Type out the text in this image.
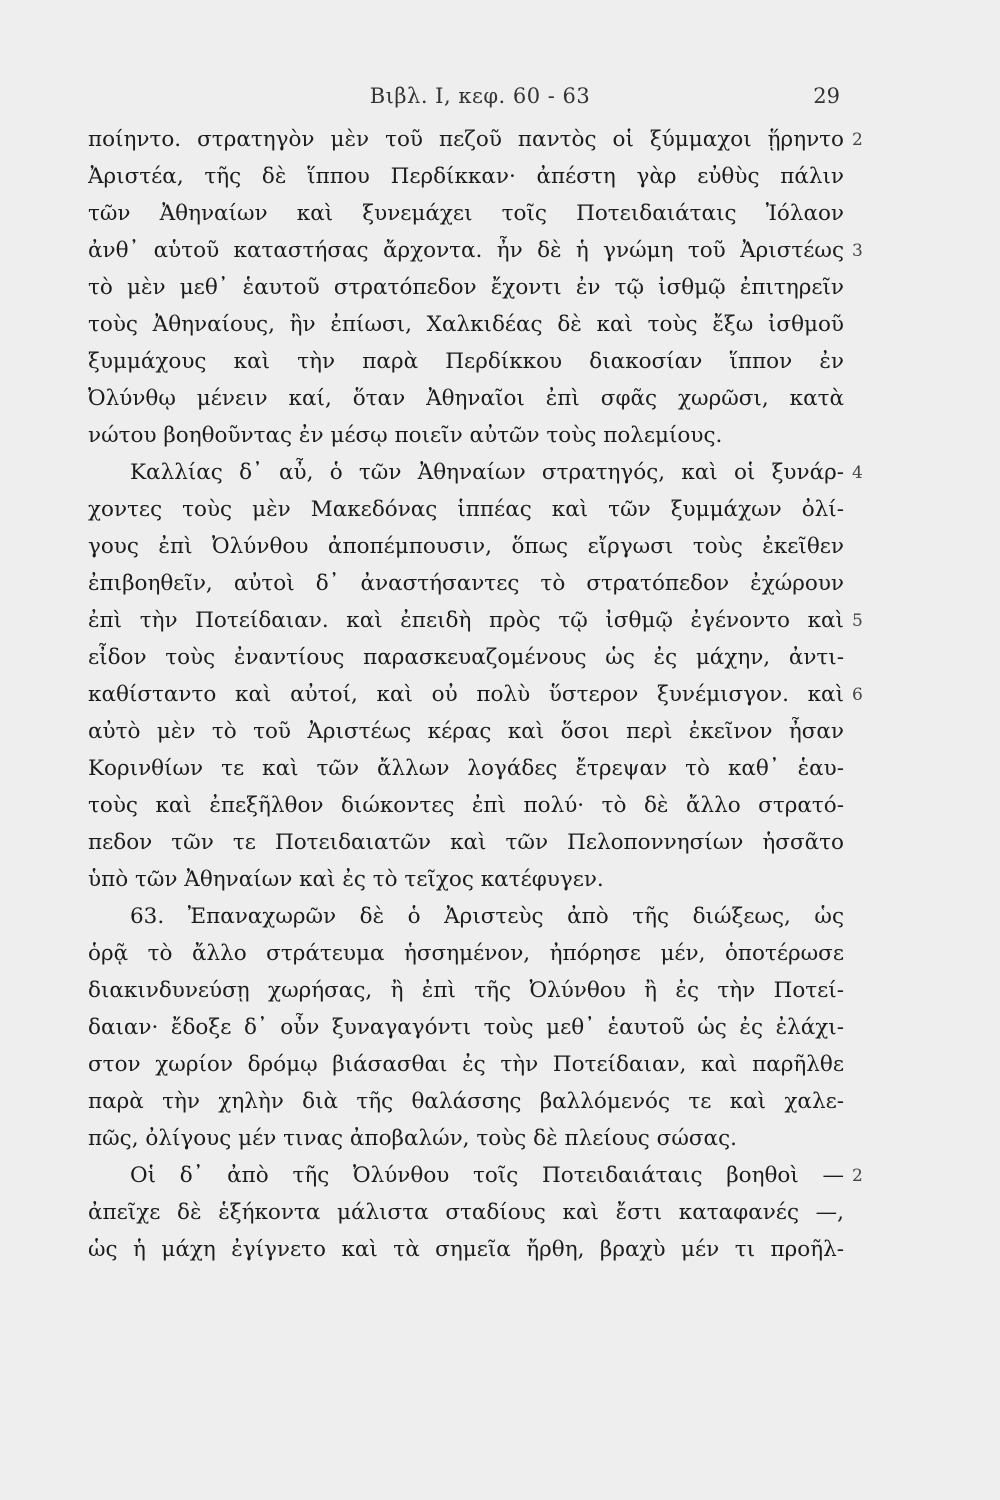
Βιβλ. Ι, κεφ. 60 - 63	29
ποίηντο. στρατηγὸν μὲν τοῦ πεζοῦ παντὸς οἱ ξύμμαχοι ᾕρηντο
Ἀριστέα, τῆς δὲ ἵππου Περδίκκαν· ἀπέστη γὰρ εὐθὺς πάλιν
τῶν Ἀθηναίων καὶ ξυνεμάχει τοῖς Ποτειδαιάταις Ἰόλαον
ἀνθ᾽ αὑτοῦ καταστήσας ἄρχοντα. ἦν δὲ ἡ γνώμη τοῦ Ἀριστέως
τὸ μὲν μεθ᾽ ἑαυτοῦ στρατόπεδον ἔχοντι ἐν τῷ ἰσθμῷ ἐπιτηρεῖν
τοὺς Ἀθηναίους, ἢν ἐπίωσι, Χαλκιδέας δὲ καὶ τοὺς ἔξω ἰσθμοῦ
ξυμμάχους καὶ τὴν παρὰ Περδίκκου διακοσίαν ἵππον ἐν
Ὀλύνθῳ μένειν καί, ὅταν Ἀθηναῖοι ἐπὶ σφᾶς χωρῶσι, κατὰ
νώτου βοηθοῦντας ἐν μέσῳ ποιεῖν αὐτῶν τοὺς πολεμίους.
Καλλίας δ᾽ αὖ, ὁ τῶν Ἀθηναίων στρατηγός, καὶ οἱ ξυνάρ-
χοντες τοὺς μὲν Μακεδόνας ἱππέας καὶ τῶν ξυμμάχων ὀλί-
γους ἐπὶ Ὀλύνθου ἀποπέμπουσιν, ὅπως εἴργωσι τοὺς ἐκεῖθεν
ἐπιβοηθεῖν, αὐτοὶ δ᾽ ἀναστήσαντες τὸ στρατόπεδον ἐχώρουν
ἐπὶ τὴν Ποτείδαιαν. καὶ ἐπειδὴ πρὸς τῷ ἰσθμῷ ἐγένοντο καὶ
εἶδον τοὺς ἐναντίους παρασκευαζομένους ὡς ἐς μάχην, ἀντι-
καθίσταντο καὶ αὐτοί, καὶ οὐ πολὺ ὕστερον ξυνέμισγον. καὶ
αὐτὸ μὲν τὸ τοῦ Ἀριστέως κέρας καὶ ὅσοι περὶ ἐκεῖνον ἦσαν
Κορινθίων τε καὶ τῶν ἄλλων λογάδες ἔτρεψαν τὸ καθ᾽ ἑαυ-
τοὺς καὶ ἐπεξῆλθον διώκοντες ἐπὶ πολύ· τὸ δὲ ἄλλο στρατό-
πεδον τῶν τε Ποτειδαιατῶν καὶ τῶν Πελοποννησίων ἡσσᾶτο
ὑπὸ τῶν Ἀθηναίων καὶ ἐς τὸ τεῖχος κατέφυγεν.
63. Ἐπαναχωρῶν δὲ ὁ Ἀριστεὺς ἀπὸ τῆς διώξεως, ὡς
ὁρᾷ τὸ ἄλλο στράτευμα ἡσσημένον, ἠπόρησε μέν, ὁποτέρωσε
διακινδυνεύσῃ χωρήσας, ἢ ἐπὶ τῆς Ὀλύνθου ἢ ἐς τὴν Ποτεί-
δαιαν· ἔδοξε δ᾽ οὖν ξυναγαγόντι τοὺς μεθ᾽ ἑαυτοῦ ὡς ἐς ἐλάχι-
στον χωρίον δρόμῳ βιάσασθαι ἐς τὴν Ποτείδαιαν, καὶ παρῆλθε
παρὰ τὴν χηλὴν διὰ τῆς θαλάσσης βαλλόμενός τε καὶ χαλε-
πῶς, ὀλίγους μέν τινας ἀποβαλών, τοὺς δὲ πλείους σώσας.
Οἱ δ᾽ ἀπὸ τῆς Ὀλύνθου τοῖς Ποτειδαιάταις βοηθοὶ —
ἀπεῖχε δὲ ἑξήκοντα μάλιστα σταδίους καὶ ἔστι καταφανές —,
ὡς ἡ μάχη ἐγίγνετο καὶ τὰ σημεῖα ἤρθη, βραχὺ μέν τι προῆλ-
2
3
4
5
6
2
